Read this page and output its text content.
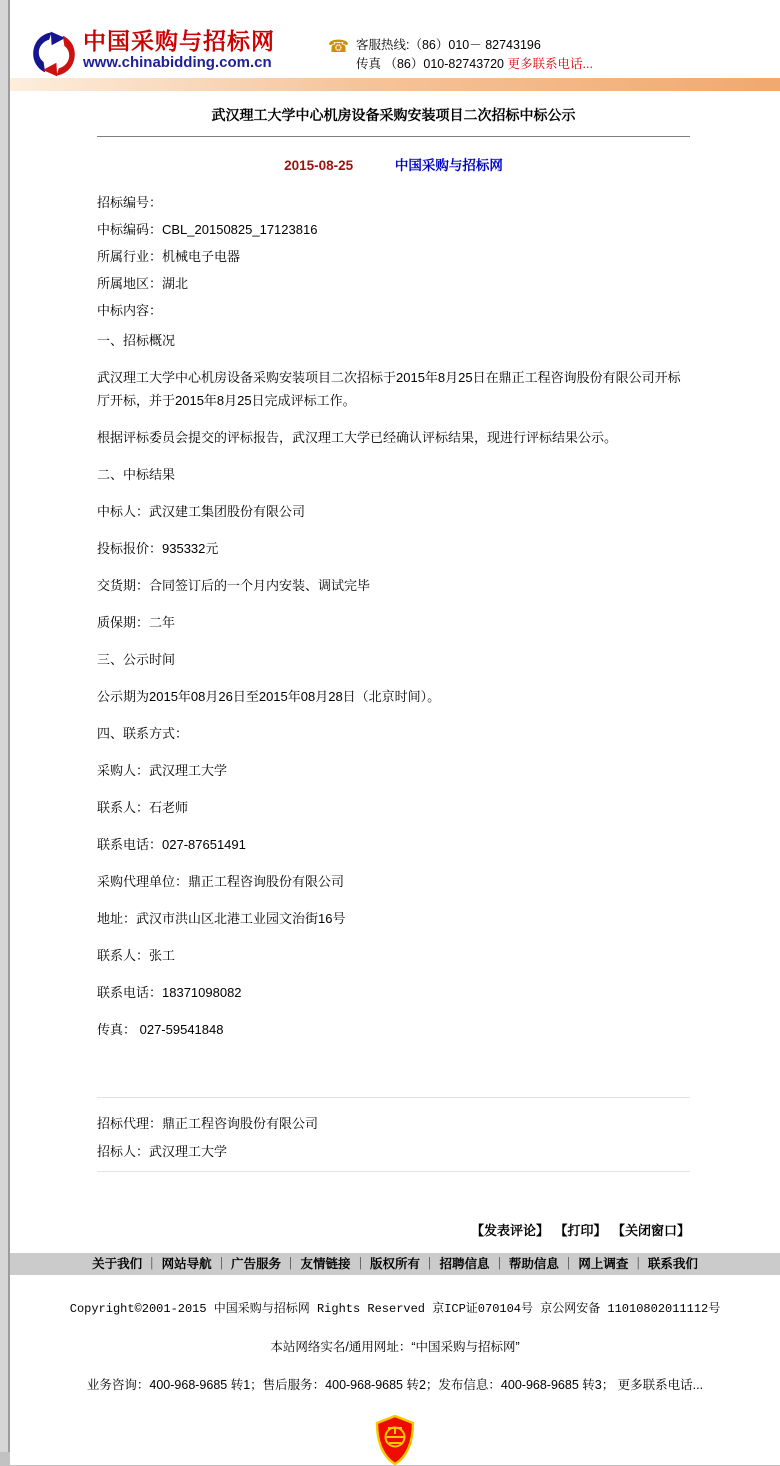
中国采购与招标网
www.chinabidding.com.cn
☎ 客服热线:（86）010－ 82743196
传真 （86）010-82743720 更多联系电话...
武汉理工大学中心机房设备采购安装项目二次招标中标公示
2015-08-25	中国采购与招标网

招标编号：

中标编码：CBL_20150825_17123816

所属行业：机械电子电器

所属地区：湖北

中标内容：

一、招标概况

武汉理工大学中心机房设备采购安装项目二次招标于2015年8月25日在鼎正工程咨询股份有限公司开标厅开标，并于2015年8月25日完成评标工作。

根据评标委员会提交的评标报告，武汉理工大学已经确认评标结果，现进行评标结果公示。

二、中标结果

中标人：武汉建工集团股份有限公司

投标报价：935332元

交货期：合同签订后的一个月内安装、调试完毕

质保期：二年

三、公示时间

公示期为2015年08月26日至2015年08月28日（北京时间）。

四、联系方式：

采购人：武汉理工大学

联系人：石老师

联系电话：027-87651491

采购代理单位：鼎正工程咨询股份有限公司

地址：武汉市洪山区北港工业园文治街16号

联系人：张工

联系电话：18371098082

传真： 027-59541848

招标代理：鼎正工程咨询股份有限公司

招标人：武汉理工大学

【发表评论】 【打印】 【关闭窗口】
关于我们 ｜ 网站导航 ｜ 广告服务 ｜ 友情链接 ｜ 版权所有 ｜ 招聘信息 ｜ 帮助信息 ｜ 网上调查 ｜ 联系我们

Copyright©2001-2015 中国采购与招标网 Rights Reserved 京ICP证070104号 京公网安备 11010802011112号

本站网络实名/通用网址：“中国采购与招标网”

业务咨询：400-968-9685 转1；售后服务：400-968-9685 转2；发布信息：400-968-9685 转3； 更多联系电话...
